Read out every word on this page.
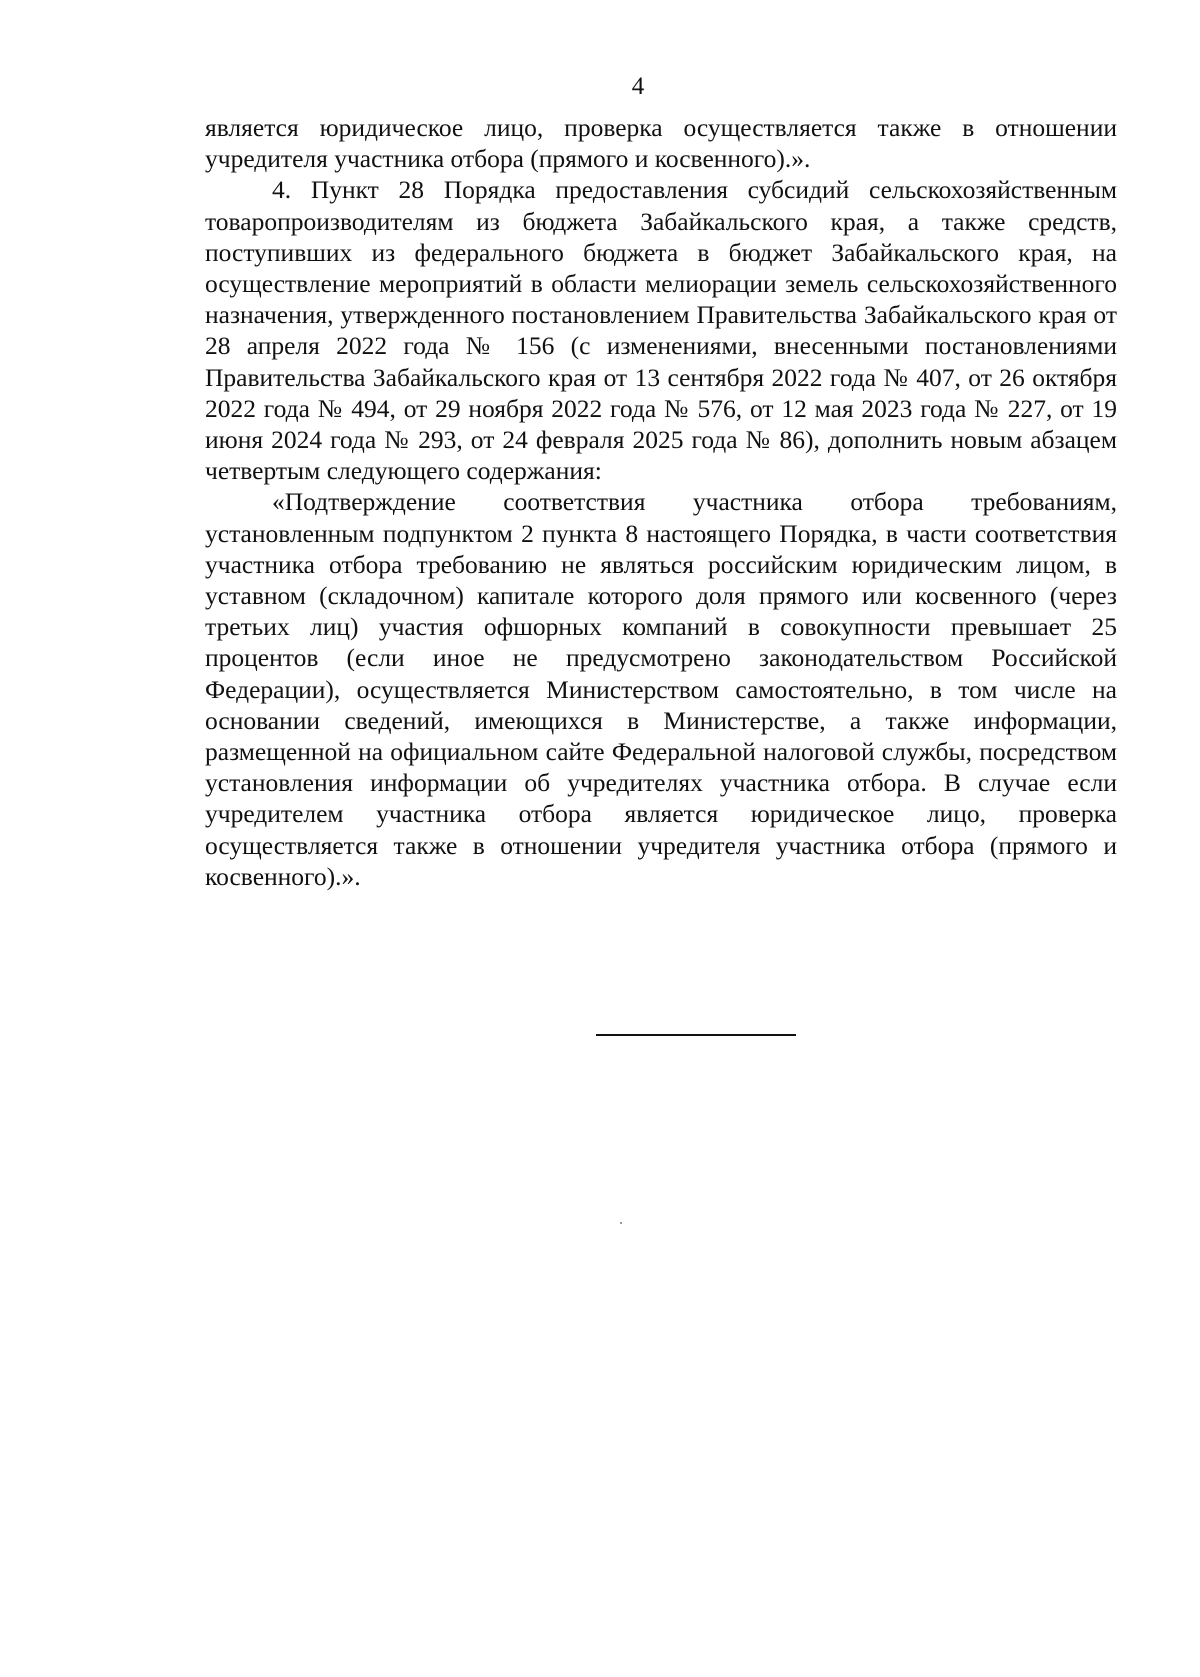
4

является юридическое лицо, проверка осуществляется также в отношении учредителя участника отбора (прямого и косвенного).».

4. Пункт 28 Порядка предоставления субсидий сельскохозяйственным товаропроизводителям из бюджета Забайкальского края, а также средств, поступивших из федерального бюджета в бюджет Забайкальского края, на осуществление мероприятий в области мелиорации земель сельскохозяйственного назначения, утвержденного постановлением Правительства Забайкальского края от 28 апреля 2022 года № 156 (с изменениями, внесенными постановлениями Правительства Забайкальского края от 13 сентября 2022 года № 407, от 26 октября 2022 года № 494, от 29 ноября 2022 года № 576, от 12 мая 2023 года № 227, от 19 июня 2024 года № 293, от 24 февраля 2025 года № 86), дополнить новым абзацем четвертым следующего содержания:

«Подтверждение соответствия участника отбора требованиям, установленным подпунктом 2 пункта 8 настоящего Порядка, в части соответствия участника отбора требованию не являться российским юридическим лицом, в уставном (складочном) капитале которого доля прямого или косвенного (через третьих лиц) участия офшорных компаний в совокупности превышает 25 процентов (если иное не предусмотрено законодательством Российской Федерации), осуществляется Министерством самостоятельно, в том числе на основании сведений, имеющихся в Министерстве, а также информации, размещенной на официальном сайте Федеральной налоговой службы, посредством установления информации об учредителях участника отбора. В случае если учредителем участника отбора является юридическое лицо, проверка осуществляется также в отношении учредителя участника отбора (прямого и косвенного).».
